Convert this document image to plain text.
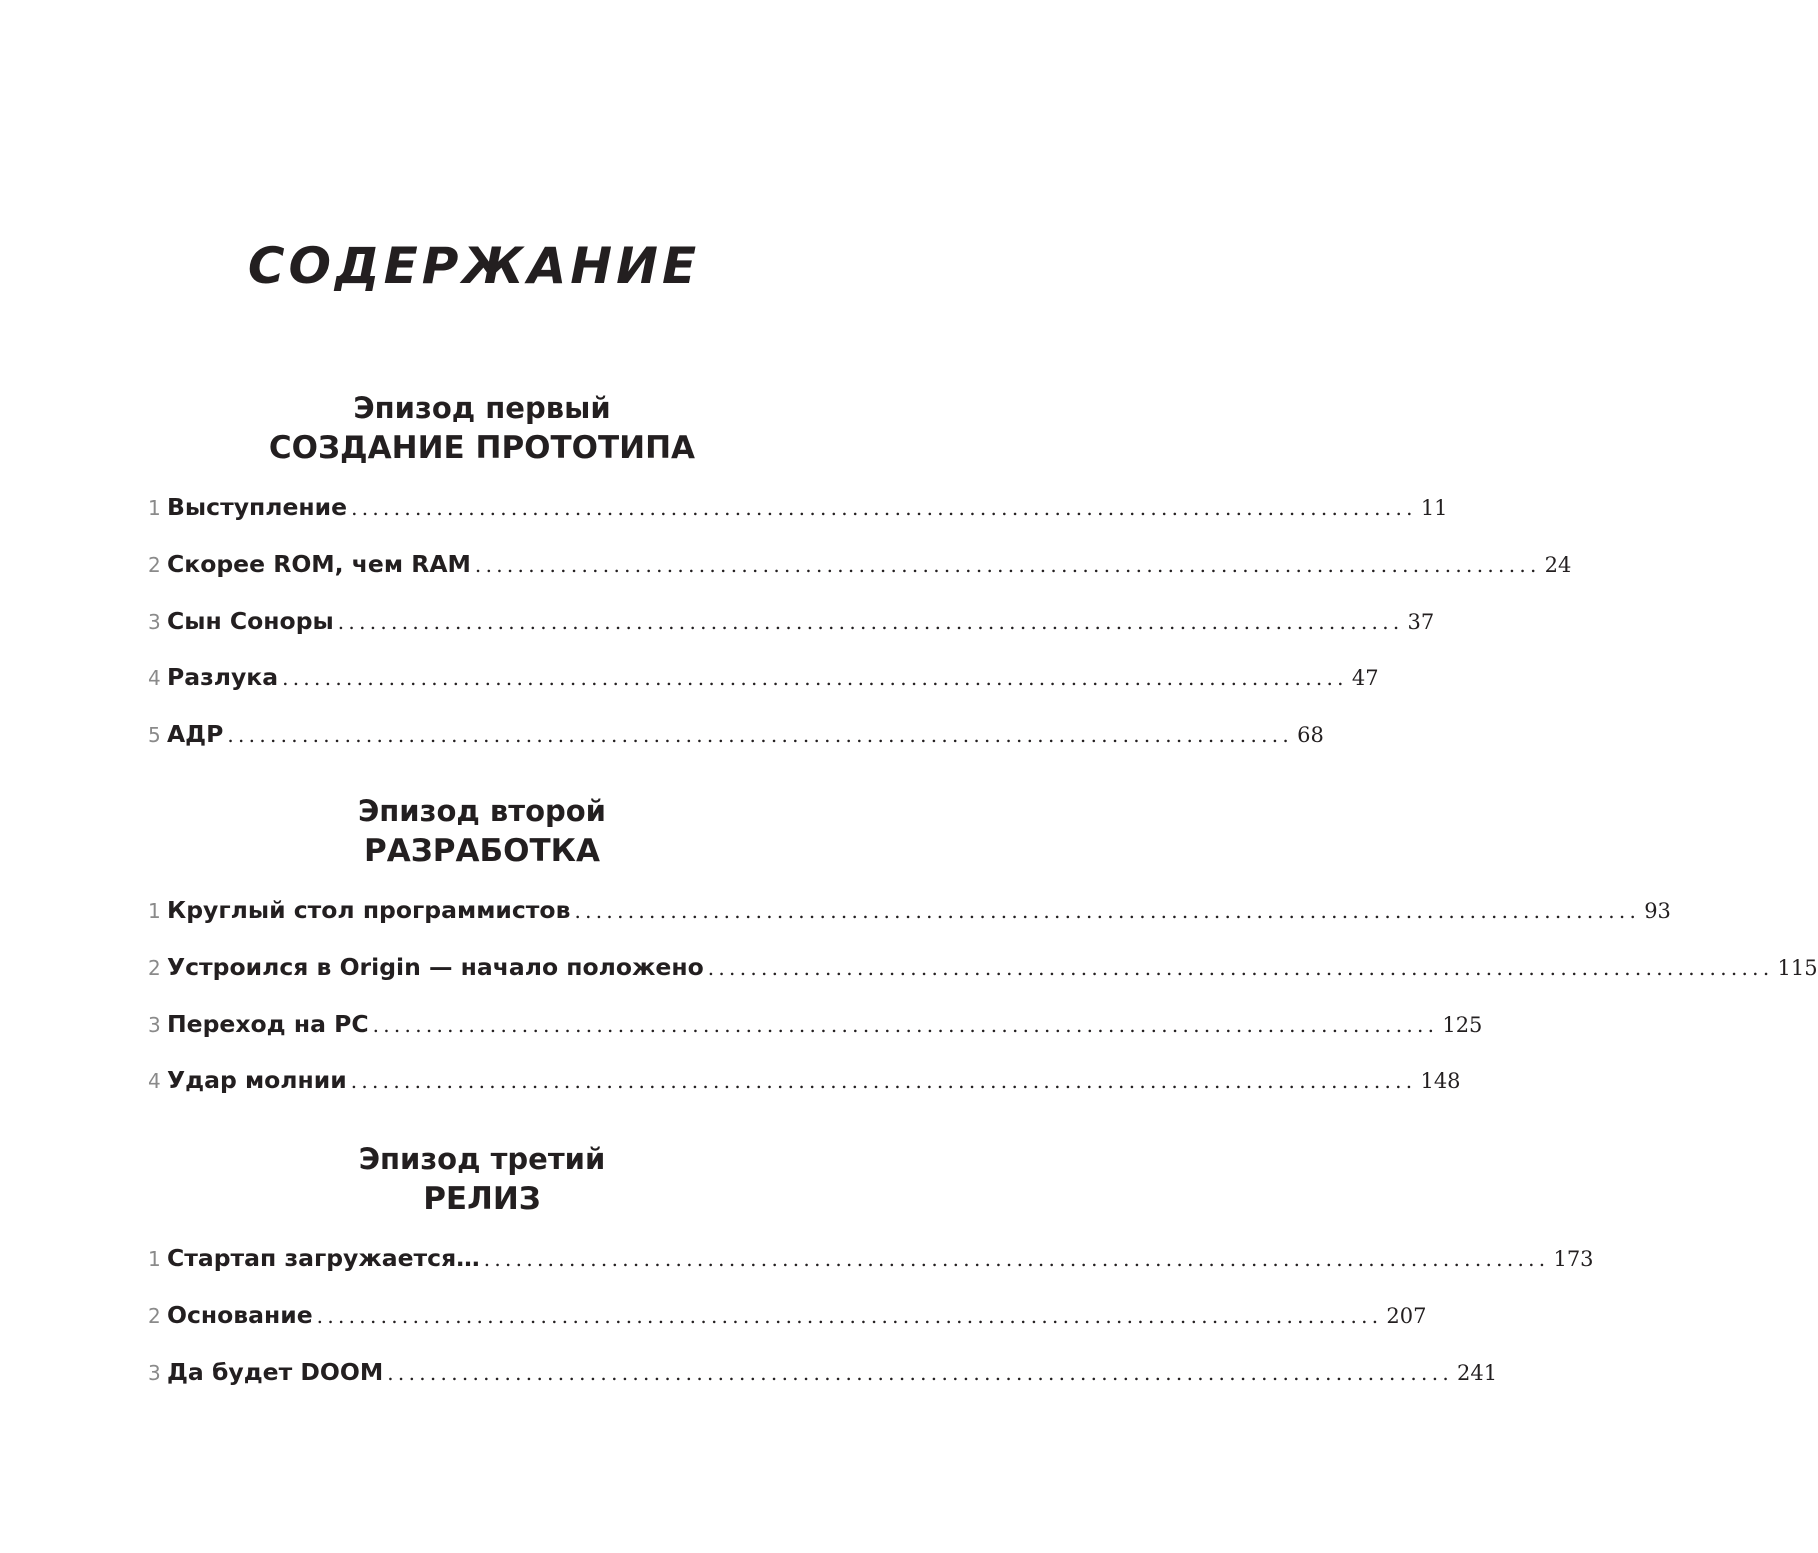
СОДЕРЖАНИЕ
Эпизод первый
СОЗДАНИЕ ПРОТОТИПА
1 Выступление .................................................................................................... 11
2 Скорее ROM, чем RAM .................................................................................................... 24
3 Сын Соноры .................................................................................................... 37
4 Разлука .................................................................................................... 47
5 АДР .................................................................................................... 68
Эпизод второй
РАЗРАБОТКА
1 Круглый стол программистов .................................................................................................... 93
2 Устроился в Origin — начало положено .................................................................................................... 115
3 Переход на PC .................................................................................................... 125
4 Удар молнии .................................................................................................... 148
Эпизод третий
РЕЛИЗ
1 Стартап загружается… .................................................................................................... 173
2 Основание .................................................................................................... 207
3 Да будет DOOM .................................................................................................... 241
